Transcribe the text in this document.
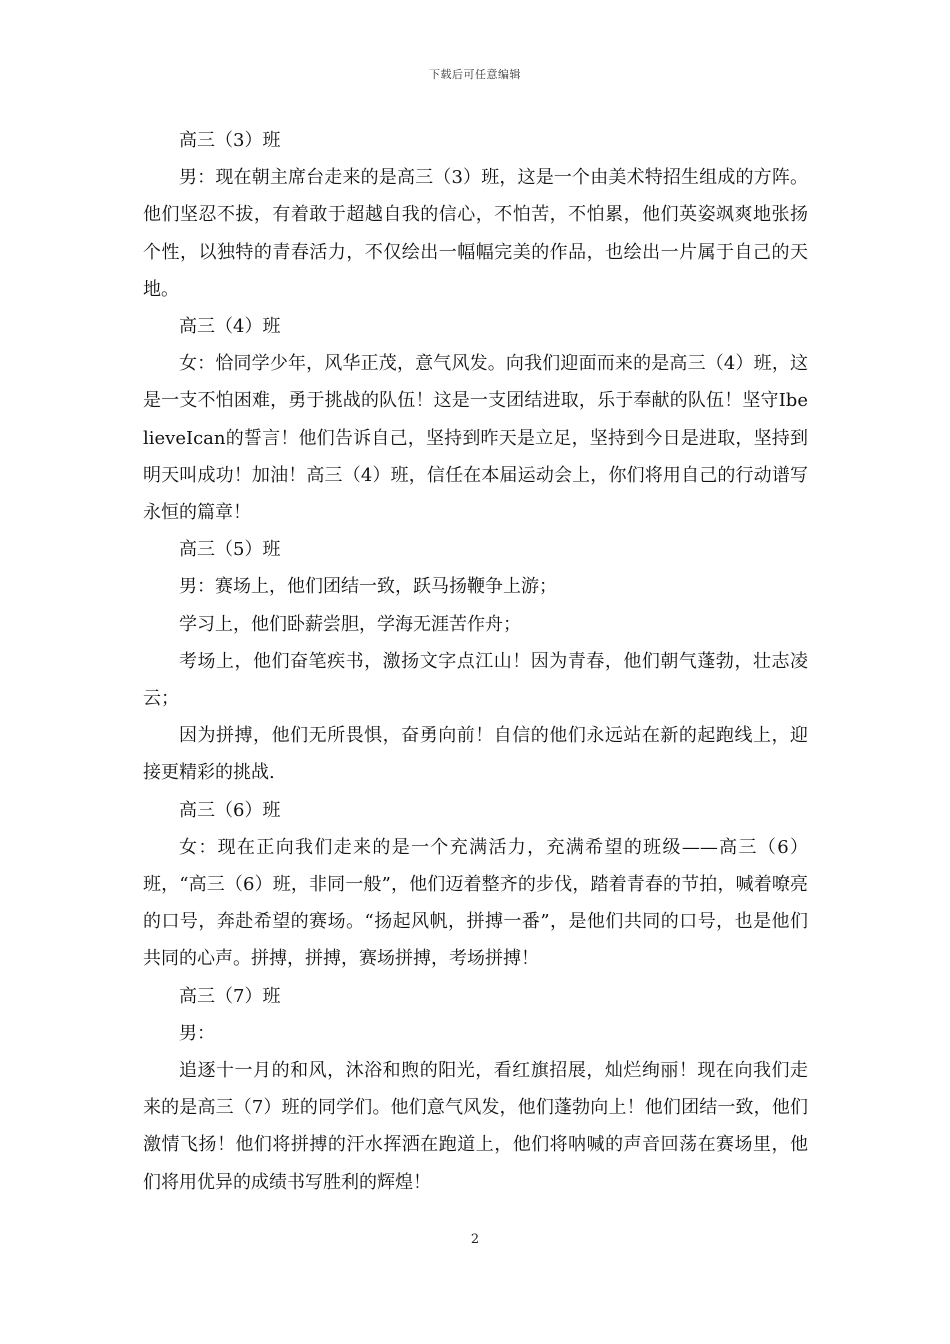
下载后可任意编辑

高三（3）班

男：现在朝主席台走来的是高三（3）班，这是一个由美术特招生组成的方阵。他们坚忍不拔，有着敢于超越自我的信心，不怕苦，不怕累，他们英姿飒爽地张扬个性，以独特的青春活力，不仅绘出一幅幅完美的作品，也绘出一片属于自己的天地。

高三（4）班

女：恰同学少年，风华正茂，意气风发。向我们迎面而来的是高三（4）班，这是一支不怕困难，勇于挑战的队伍！这是一支团结进取，乐于奉献的队伍！坚守IbelieveIcan的誓言！他们告诉自己，坚持到昨天是立足，坚持到今日是进取，坚持到明天叫成功！加油！高三（4）班，信任在本届运动会上，你们将用自己的行动谱写永恒的篇章！

高三（5）班

男：赛场上，他们团结一致，跃马扬鞭争上游；

学习上，他们卧薪尝胆，学海无涯苦作舟；

考场上，他们奋笔疾书，激扬文字点江山！因为青春，他们朝气蓬勃，壮志凌云；

因为拼搏，他们无所畏惧，奋勇向前！自信的他们永远站在新的起跑线上，迎接更精彩的挑战.

高三（6）班

女：现在正向我们走来的是一个充满活力，充满希望的班级——高三（6）班，“高三（6）班，非同一般”，他们迈着整齐的步伐，踏着青春的节拍，喊着嘹亮的口号，奔赴希望的赛场。“扬起风帆，拼搏一番”，是他们共同的口号，也是他们共同的心声。拼搏，拼搏，赛场拼搏，考场拼搏！

高三（7）班

男：

追逐十一月的和风，沐浴和煦的阳光，看红旗招展，灿烂绚丽！现在向我们走来的是高三（7）班的同学们。他们意气风发，他们蓬勃向上！他们团结一致，他们激情飞扬！他们将拼搏的汗水挥洒在跑道上，他们将呐喊的声音回荡在赛场里，他们将用优异的成绩书写胜利的辉煌！

2
